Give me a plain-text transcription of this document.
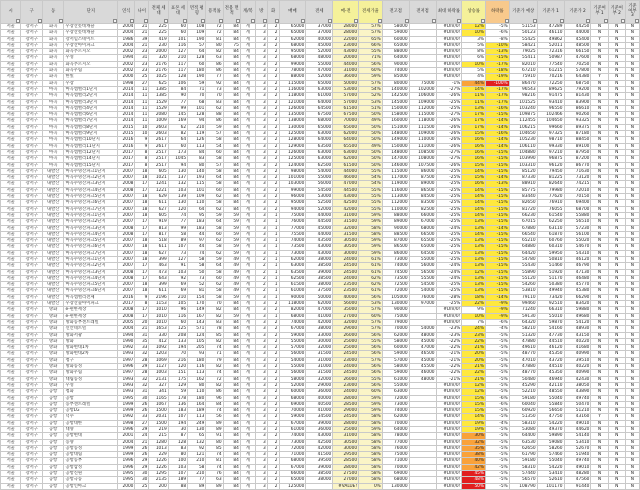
시	구	동	단지	연식	나이	전체 세대	표본 세대	면적 평형	용적률	전용 면적	계/복	방	화	매매	전세	매-전	전세가율	전고점	전저점	최대 하락률	상승률	하락률	기준가 예상	기준가 1	기준가 2	기준여부 1	기준여부 2	기준여부 3

서울	강서구	화곡	우장산롯데캐슬	2004	21	225	60	108	72	84	계	3	2	65000	37000	28000	57%	58000		#DIV/0!	12%	-5%	51153	47289	44250	N	N	N
서울	강서구	화곡	우장산롯데캐슬	2004	21	225	60	109	72	84	계	3	2	65000	37000	28000	57%	59000		#DIV/0!	10%	-6%	50123	46110	44000	N	N	N
서울	강서구	화곡	강서힐스테이트	1986	39	419	101	190	81	84	계	3	2	62000	40000	22000	65%	60000		#DIV/0!	3%	-8%	55425	49862	45400	Y	N	N
서울	강서구	화곡	우장산아이파크	2004	21	230	116	57	80	75	계	3	2	68000	45000	23000	66%	65000		#DIV/0!	5%	-10%	58421	52011	48500	N	N	N
서울	강서구	화곡	화곡푸르지오	2002	23	2000	127	64	82	84	계	3	2	95000	52000	43000	55%	88000		#DIV/0!	8%	-13%	79025	72316	66150	N	N	N
서울	강서구	화곡	우성	1994	31	320	210	128	63	84	계	3	2	68000	48000	20000	71%	64000		#DIV/0!	6%	-15%	55411	50987	47600	N	N	N
서울	강서구	화곡	화곡푸르지오	2002	23	2176	117	60	86	84	계	3	2	99000	55000	44000	56%	90000		#DIV/0!	10%	-17%	82010	77540	70250	N	N	N
서울	강서구	화곡	화곡우림	2002	23	2176	117	180	86	84	계	3	2	78000	47000	31000	60%	74000		#DIV/0!	5%	-18%	67210	61215	57800	N	N	N
서울	강서구	화곡	한빛	2000	25	1025	128	190	77	84	계	3	2	88000	52000	36000	59%	85000		#DIV/0!	4%	-19%	75910	70216	64380	Y	N	N
서울	강서구	화곡	우장	1998	27	625	106	59	92	84	계	3	2	115000	65000	50000	57%	80000	75000	-1%	44%	-100%	86470	72250	68750	N	N	N
서울	강서구	마곡	마곡엠밸리1단지	2014	11	1385	84	71	73	84	계	3	2	116000	63000	53000	54%	140000	102000	-27%	14%	-17%	96543	89625	79200	N	N	N
서울	강서구	마곡	마곡엠밸리2단지	2014	11	1385	90	70	70	84	계	3	2	118000	61000	57000	52%	142500	106000	-26%	11%	-17%	98216	91475	81430	N	N	N
서울	강서구	마곡	마곡엠밸리3단지	2014	11	1529	77	68	83	84	계	3	2	121000	64000	57000	53%	145000	109000	-25%	11%	-17%	101525	93410	83900	N	N	N
서울	강서구	마곡	마곡엠밸리4단지	2014	11	1529	99	101	62	84	계	3	2	126000	64500	61500	51%	150000	112000	-25%	13%	-16%	103240	96550	86610	N	N	N
서울	강서구	마곡	마곡엠밸리6단지	2014	11	2080	145	128	88	84	계	3	2	135000	67500	67500	50%	158000	115000	-27%	17%	-15%	109875	102466	90260	N	N	N
서울	강서구	마곡	마곡엠밸리7단지	2014	11	1009	169	94	86	84	계	3	2	138000	68000	70000	49%	160000	118000	-26%	17%	-14%	112455	104650	93325	N	N	N
서울	강서구	마곡	마곡엠밸리8단지	2015	10	2603	62	210	59	84	계	3	2	130000	65000	65000	50%	151000	111500	-26%	17%	-14%	106215	99660	89375	N	N	N
서울	강서구	마곡	마곡엠밸리9단지	2015	10	2603	82	119	57	84	계	3	2	125000	63000	62000	50%	148000	109000	-26%	15%	-16%	104650	97325	87180	N	N	N
서울	강서구	마곡	마곡엠밸리10단지	2016	9	2617	64	126	58	84	계	3	2	128000	64000	64000	50%	149000	110000	-26%	16%	-14%	105230	98710	88450	N	N	N
서울	강서구	마곡	마곡엠밸리11단지	2016	9	2617	60	113	54	84	계	3	2	129000	63500	65500	49%	150000	111000	-26%	16%	-14%	106110	99330	89100	N	N	N
서울	강서구	마곡	마곡엠밸리12단지	2017	8	2517	173	84	60	84	계	3	2	126000	63000	63000	50%	148000	108500	-27%	16%	-15%	104880	97210	87950	N	N	N
서울	강서구	마곡	마곡엠밸리14단지	2017	8	2517	1045	83	58	84	계	3	2	125000	63000	62000	50%	147000	108000	-27%	16%	-15%	103990	96875	87200	N	N	N
서울	강서구	마곡	마곡엠밸리15단지	2017	8	2517	94	80	57	84	계	3	2	124000	62500	61500	50%	146000	107500	-26%	15%	-15%	103310	96120	86770	N	N	N
서울	강서구	내발산	마곡수명산파크1단지	2007	18	605	130	140	58	84	계	3	2	98000	54000	44000	55%	115000	86000	-25%	14%	-15%	85120	79450	71630	N	N	N
서울	강서구	내발산	마곡수명산파크2단지	2007	18	1021	137	193	64	84	계	3	2	101000	55000	46000	54%	117000	87500	-25%	15%	-14%	87330	81225	73120	N	N	N
서울	강서구	내발산	마곡수명산파크3단지	2008	17	1241	132	115	58	84	계	3	2	103000	56000	47000	54%	119000	89000	-25%	16%	-13%	88910	82640	74215	N	N	N
서울	강서구	내발산	마곡수명산파크4단지	2008	17	1221	103	101	60	84	계	3	2	99000	54500	44500	55%	116000	86500	-25%	14%	-15%	85775	79980	72010	N	N	N
서울	강서구	내발산	마곡수명산파크5단지	2007	18	629	139	109	62	84	계	3	2	96000	53000	43000	55%	113000	84500	-25%	14%	-15%	83440	77620	70150	N	N	N
서울	강서구	내발산	마곡수명산파크6단지	2007	18	611	130	110	58	84	계	3	2	95000	52500	42500	55%	112000	83500	-25%	14%	-15%	82650	76910	69400	N	N	N
서울	강서구	내발산	마곡수명산파크7단지	2007	18	627	120	64	62	84	계	3	2	94000	52000	42000	55%	110000	82500	-25%	14%	-15%	81720	76055	68700	N	N	N
서울	강서구	내발산	마곡수명산파크1단지	2007	18	605	74	95	59	59	계	3	1	75000	44000	31000	59%	88000	66000	-25%	14%	-15%	66230	61540	55880	N	N	N
서울	강서구	내발산	마곡수명산파크2단지	2007	17	919	77	183	64	59	계	3	1	76000	44500	31500	59%	89000	67000	-25%	13%	-15%	67015	62250	56510	N	N	N
서울	강서구	내발산	마곡수명산파크3단지	2008	17	813	99	183	58	59	계	3	1	77000	45000	32000	58%	90000	68000	-24%	13%	-14%	67880	63110	57230	N	N	N
서울	강서구	내발산	마곡수명산파크4단지	2008	17	817	58	44	60	59	계	3	1	75500	44000	31500	58%	88500	66500	-25%	14%	-15%	66540	61870	56100	N	N	N
서울	강서구	내발산	마곡수명산파크5단지	2007	18	518	89	97	62	59	계	3	1	74000	43500	30500	59%	87000	65500	-25%	13%	-15%	65210	60760	55020	N	N	N
서울	강서구	내발산	마곡수명산파크6단지	2007	18	611	107	44	58	59	계	3	1	73500	43000	30500	59%	86500	65000	-25%	13%	-15%	64880	60310	54670	N	N	N
서울	강서구	내발산	마곡수명산파크7단지	2007	18	627	73	74	62	59	계	3	1	73000	43000	30000	59%	86000	64500	-25%	13%	-15%	64420	59950	54310	N	N	N
서울	강서구	내발산	마곡수명산파크1단지	2007	18	399	127	58	59	49	계	2	1	62000	38000	24000	61%	73000	55000	-25%	13%	-15%	54780	50810	46120	N	N	N
서울	강서구	내발산	마곡수명산파크2단지	2007	17	463	91	58	64	49	계	2	1	63000	38500	24500	61%	74000	56000	-24%	13%	-15%	55430	51460	46790	N	N	N
서울	강서구	내발산	마곡수명산파크3단지	2008	17	473	103	50	58	49	계	2	1	63500	39000	24500	61%	74500	56500	-24%	12%	-15%	55890	51920	47130	N	N	N
서울	강서구	내발산	마곡수명산파크4단지	2008	17	643	92	73	60	49	계	2	1	62500	38500	24000	62%	73500	55500	-24%	13%	-15%	55120	51170	46480	N	N	N
서울	강서구	내발산	마곡수명산파크5단지	2007	18	399	69	52	62	49	계	2	1	61500	38000	23500	62%	72500	54500	-25%	13%	-15%	54260	50380	45770	N	N	N
서울	강서구	내발산	마곡수명산파크6단지	2007	18	611	69	81	58	49	계	2	1	61000	37500	23500	61%	72000	54000	-25%	13%	-15%	53810	49940	45380	N	N	N
서울	강서구	내발산	마곡엠밸리전체	2016	9	2196	210	154	58	59	계	3	1	90000	50000	40000	56%	105000	76000	-28%	18%	-14%	79110	73420	66290	N	N	N
서울	강서구	내발산	우장산숲아이파크	2017	8	1153	105	170	70	84	계	3	2	118000	62000	56000	53%	130000	97000	-25%	22%	-9%	99460	92510	83420	N	N	N
서울	강서구	방화	e-편한세상	2008	17	1010	96	149	82	84	계	3	2	82000	47000	35000	57%	90000		#DIV/0!	9%	-9%	71240	66310	59880	N	N	N
서울	강서구	방화	e-편한세상	2008	17	1010	116	167	82	59	계	3	1	68000	41000	27000	60%	75000		#DIV/0!	10%	-9%	59130	55010	49680	N	N	N
서울	강서구	방화	방화동부센트레빌	2005	20	1010	60	143	83	84	계	3	2	74000	42000	32000	57%	79000		#DIV/0!	7%	-6%	64320	59870	54120	N	N	N
서울	강서구	방화	신안네트빌	2004	21	1653	125	571	78	84	계	3	2	67000	38000	29000	57%	70000	54000	-23%	24%	-4%	58210	54160	48930	N	N	N
서울	강서구	방화	방화서광	1994	31	330	208	124	85	84	계	3	2	59000	33000	26000	56%	62000	48000	-23%	23%	-5%	51320	47730	43150	N	N	N
서울	강서구	방화	방화	1990	35	412	133	105	82	84	계	3	2	55000	30000	25000	55%	58000	45000	-22%	22%	-5%	47880	44510	40220	N	N	N
서울	강서구	방화	방화현대1차	1992	33	1092	194	205	74	84	계	3	2	57000	32000	25000	56%	60000	47000	-22%	21%	-5%	49610	46120	41680	N	N	N
서울	강서구	방화	방화현대2차	1993	32	1203	70	93	71	84	계	3	2	56000	31500	24500	56%	59000	46500	-21%	20%	-5%	48770	45350	40990	N	N	N
서울	강서구	방화	청구	1997	28	1069	216	180	79	84	계	3	2	54000	31000	23000	57%	57000	45000	-21%	20%	-5%	47010	43720	39510	N	N	N
서울	강서구	방화	방화동성	1996	29	1127	120	116	82	84	계	3	2	55000	31000	24000	56%	58000	45500	-22%	21%	-5%	47880	44510	40220	N	N	N
서울	강서구	방화	방화우림	1997	28	1003	151	113	74	84	계	3	2	56000	31500	24500	56%	59000	46000	-22%	22%	-5%	48770	45350	40990	N	N	N
서울	강서구	방화	대림동성	1993	32	2131	175	162	72	84	계	3	2	58000	32000	26000	55%	61000	48000	-21%	21%	-5%	50480	46940	42430	N	N	N
서울	강서구	방화	우성	1993	32	327	129	80	82	84	계	3	2	52000	29000	23000	56%	55000		#DIV/0!	12%	-5%	45290	42110	38050	N	N	N
서울	강서구	공항	청화	1993	31	341	59	110	86	84	계	3	2	60000	36000	24000	60%	63000		#DIV/0!	12%	-5%	52210	48550	43890	N	N	N
서울	강서구	공항	공항	1995	30	1165	178	180	96	84	계	3	2	68000	40000	28000	59%	72000		#DIV/0!	15%	-6%	59180	55040	49740	N	N	N
서울	강서구	공항	동부센트레빌	1999	26	1067	136	164	84	84	계	3	2	69000	40500	28500	59%	73000		#DIV/0!	15%	-6%	60040	55840	50470	N	N	N
서울	강서구	공항	공항LG	1999	26	1500	183	189	74	84	계	3	2	70000	41000	29000	59%	74000		#DIV/0!	15%	-5%	60920	56650	51210	N	N	N
서울	강서구	공항	덕수	1992	33	2031	107	113	56	84	계	3	2	59000	34500	24500	58%	62000		#DIV/0!	14%	-5%	51350	47750	43160	Y	N	N
서울	강서구	공항	공항대한	1998	27	1500	194	249	89	84	계	3	2	67000	39000	28000	58%	70000		#DIV/0!	19%	-4%	58310	54220	49010	N	N	N
서울	강서구	공항	대양	1996	29	219	30	130	89	84	계	3	2	61000	36000	25000	59%	64000		#DIV/0!	19%	-5%	53080	49370	44620	N	N	N
서울	강서구	공항	공항현대	2001	24	215	87	65	91	84	계	3	2	74000	43000	31000	58%	78000		#DIV/0!	30%	-5%	64400	59890	54140	N	N	N
서울	강서구	공항	동양	2004	21	1280	128	132	80	84	계	3	2	73000	42500	30500	58%	77000		#DIV/0!	32%	-5%	63530	59080	53410	N	N	N
서울	강서구	공항	공항동성	1999	26	1013	83	92	85	84	계	3	2	72000	42000	30000	58%	76000		#DIV/0!	35%	-5%	62650	58260	52670	N	N	N
서울	강서구	공항	공항대림	1999	26	229	80	121	74	84	계	3	2	71000	41500	29500	58%	75000		#DIV/0!	38%	-5%	61790	57460	51940	N	N	N
서울	강서구	공항	공항동부	1996	29	1226	100	210	81	84	계	3	2	68000	39500	28500	58%	71000		#DIV/0!	40%	-5%	59180	55040	49740	N	N	N
서울	강서구	공항	공항삼성	1996	29	1226	103	58	74	84	계	3	2	67000	39000	28000	58%	70000		#DIV/0!	42%	-5%	58310	54220	49010	N	N	N
서울	강서구	공항	공항신원	1995	30	1295	107	210	76	84	계	3	2	66000	38500	27500	58%	69000		#DIV/0!	45%	-5%	57440	53410	48280	N	N	N
서울	강서구	공항	공항극동	1995	30	2135	189	77	63	84	계	3	2	65000	38000	27000	58%	68000		#DIV/0!	48%	-5%	56570	52610	47560	N	N	N
서울	강서구	공항	공항인마크	2000	25	200	88	89	89	84	계	3	2	125000		#VALUE!	0%	130000		#DIV/0!	50%	-5%	108790	101170	91440	N	N	N
